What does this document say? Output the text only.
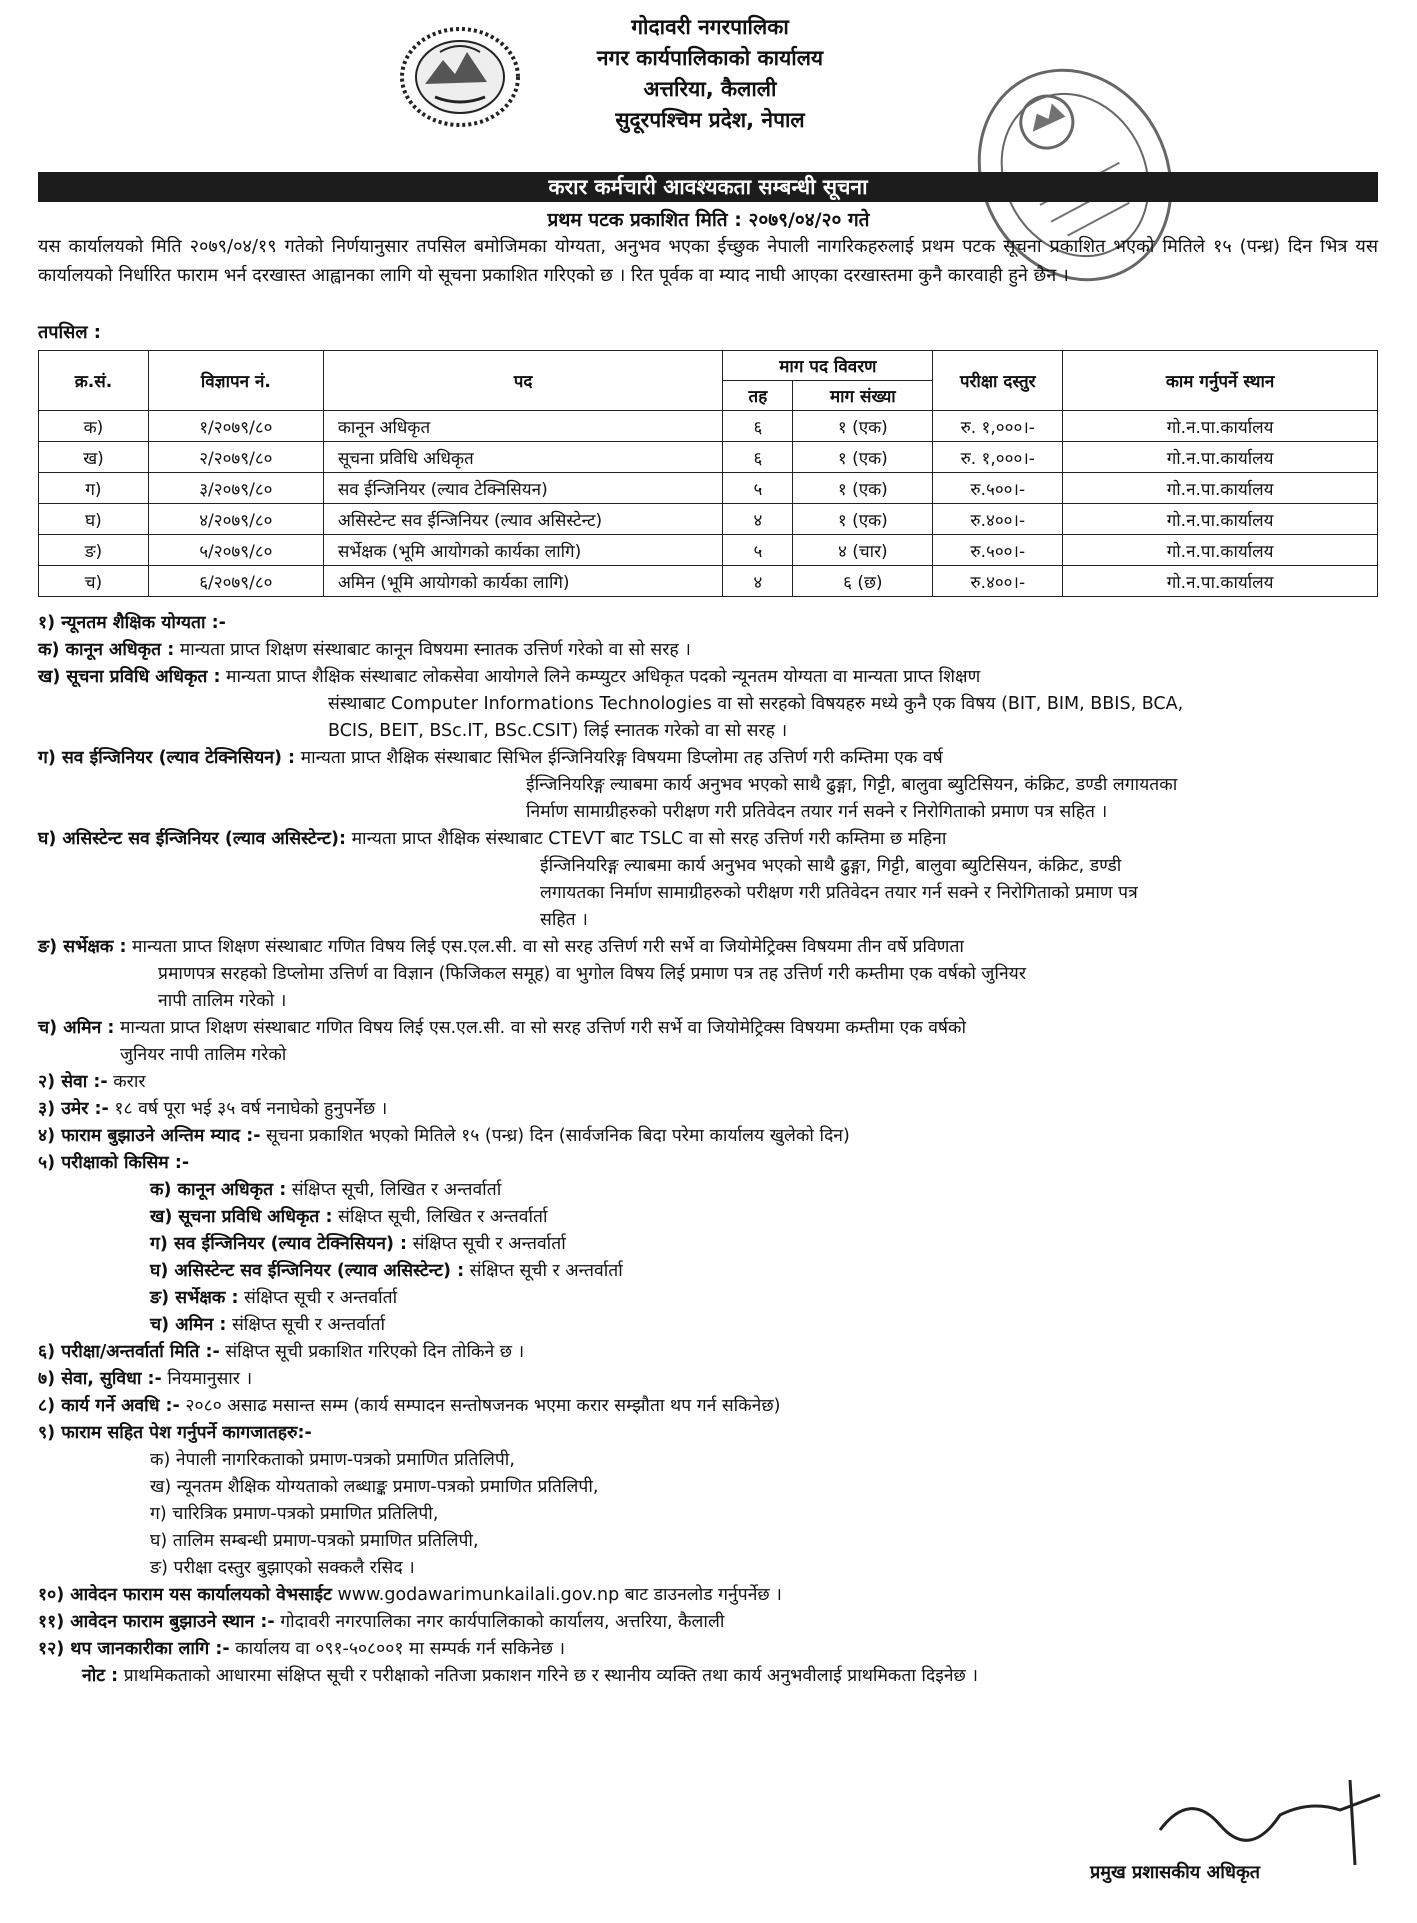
गोदावरी नगरपालिका
नगर कार्यपालिकाको कार्यालय
अत्तरिया, कैलाली
सुदूरपश्चिम प्रदेश, नेपाल
करार कर्मचारी आवश्यकता सम्बन्धी सूचना
प्रथम पटक प्रकाशित मिति : २०७९/०४/२० गते
यस कार्यालयको मिति २०७९/०४/१९ गतेको निर्णयानुसार तपसिल बमोजिमका योग्यता, अनुभव भएका ईच्छुक नेपाली नागरिकहरुलाई प्रथम पटक सूचना प्रकाशित भएको मितिले १५ (पन्ध्र) दिन भित्र यस कार्यालयको निर्धारित फाराम भर्न दरखास्त आह्वानका लागि यो सूचना प्रकाशित गरिएको छ । रित पूर्वक वा म्याद नाघी आएका दरखास्तमा कुनै कारवाही हुने छैन ।
तपसिल :
क्र.सं.	विज्ञापन नं.	पद	माग पद विवरण		परीक्षा दस्तुर	काम गर्नुपर्ने स्थान
			तह	माग संख्या		
क)	१/२०७९/८०	कानून अधिकृत	६	१ (एक)	रु. १,०००।-	गो.न.पा.कार्यालय
ख)	२/२०७९/८०	सूचना प्रविधि अधिकृत	६	१ (एक)	रु. १,०००।-	गो.न.पा.कार्यालय
ग)	३/२०७९/८०	सव ईन्जिनियर (ल्याव टेक्निसियन)	५	१ (एक)	रु.५००।-	गो.न.पा.कार्यालय
घ)	४/२०७९/८०	असिस्टेन्ट सव ईन्जिनियर (ल्याव असिस्टेन्ट)	४	१ (एक)	रु.४००।-	गो.न.पा.कार्यालय
ङ)	५/२०७९/८०	सर्भेक्षक (भूमि आयोगको कार्यका लागि)	५	४ (चार)	रु.५००।-	गो.न.पा.कार्यालय
च)	६/२०७९/८०	अमिन (भूमि आयोगको कार्यका लागि)	४	६ (छ)	रु.४००।-	गो.न.पा.कार्यालय

१) न्यूनतम शैक्षिक योग्यता :-

क) कानून अधिकृत : मान्यता प्राप्त शिक्षण संस्थाबाट कानून विषयमा स्नातक उत्तिर्ण गरेको वा सो सरह ।

ख) सूचना प्रविधि अधिकृत : मान्यता प्राप्त शैक्षिक संस्थाबाट लोकसेवा आयोगले लिने कम्प्युटर अधिकृत पदको न्यूनतम योग्यता वा मान्यता प्राप्त शिक्षण

संस्थाबाट Computer Informations Technologies वा सो सरहको विषयहरु मध्ये कुनै एक विषय (BIT, BIM, BBIS, BCA,

BCIS, BEIT, BSc.IT, BSc.CSIT) लिई स्नातक गरेको वा सो सरह ।

ग) सव ईन्जिनियर (ल्याव टेक्निसियन) : मान्यता प्राप्त शैक्षिक संस्थाबाट सिभिल ईन्जिनियरिङ्ग विषयमा डिप्लोमा तह उत्तिर्ण गरी कम्तिमा एक वर्ष

ईन्जिनियरिङ्ग ल्याबमा कार्य अनुभव भएको साथै ढुङ्गा, गिट्टी, बालुवा ब्युटिसियन, कंक्रिट, डण्डी लगायतका

निर्माण सामाग्रीहरुको परीक्षण गरी प्रतिवेदन तयार गर्न सक्ने र निरोगिताको प्रमाण पत्र सहित ।

घ) असिस्टेन्ट सव ईन्जिनियर (ल्याव असिस्टेन्ट): मान्यता प्राप्त शैक्षिक संस्थाबाट CTEVT बाट TSLC वा सो सरह उत्तिर्ण गरी कम्तिमा छ महिना

ईन्जिनियरिङ्ग ल्याबमा कार्य अनुभव भएको साथै ढुङ्गा, गिट्टी, बालुवा ब्युटिसियन, कंक्रिट, डण्डी

लगायतका निर्माण सामाग्रीहरुको परीक्षण गरी प्रतिवेदन तयार गर्न सक्ने र निरोगिताको प्रमाण पत्र

सहित ।

ङ) सर्भेक्षक : मान्यता प्राप्त शिक्षण संस्थाबाट गणित विषय लिई एस.एल.सी. वा सो सरह उत्तिर्ण गरी सर्भे वा जियोमेट्रिक्स विषयमा तीन वर्षे प्रविणता

प्रमाणपत्र सरहको डिप्लोमा उत्तिर्ण वा विज्ञान (फिजिकल समूह) वा भुगोल विषय लिई प्रमाण पत्र तह उत्तिर्ण गरी कम्तीमा एक वर्षको जुनियर

नापी तालिम गरेको ।

च) अमिन : मान्यता प्राप्त शिक्षण संस्थाबाट गणित विषय लिई एस.एल.सी. वा सो सरह उत्तिर्ण गरी सर्भे वा जियोमेट्रिक्स विषयमा कम्तीमा एक वर्षको

जुनियर नापी तालिम गरेको

२) सेवा :- करार

३) उमेर :- १८ वर्ष पूरा भई ३५ वर्ष ननाघेको हुनुपर्नेछ ।

४) फाराम बुझाउने अन्तिम म्याद :- सूचना प्रकाशित भएको मितिले १५ (पन्ध्र) दिन (सार्वजनिक बिदा परेमा कार्यालय खुलेको दिन)

५) परीक्षाको किसिम :-

क) कानून अधिकृत : संक्षिप्त सूची, लिखित र अन्तर्वार्ता

ख) सूचना प्रविधि अधिकृत : संक्षिप्त सूची, लिखित र अन्तर्वार्ता

ग) सव ईन्जिनियर (ल्याव टेक्निसियन) : संक्षिप्त सूची र अन्तर्वार्ता

घ) असिस्टेन्ट सव ईन्जिनियर (ल्याव असिस्टेन्ट) : संक्षिप्त सूची र अन्तर्वार्ता

ङ) सर्भेक्षक : संक्षिप्त सूची र अन्तर्वार्ता

च) अमिन : संक्षिप्त सूची र अन्तर्वार्ता

६) परीक्षा/अन्तर्वार्ता मिति :- संक्षिप्त सूची प्रकाशित गरिएको दिन तोकिने छ ।

७) सेवा, सुविधा :- नियमानुसार ।

८) कार्य गर्ने अवधि :- २०८० असाढ मसान्त सम्म (कार्य सम्पादन सन्तोषजनक भएमा करार सम्झौता थप गर्न सकिनेछ)

९) फाराम सहित पेश गर्नुपर्ने कागजातहरु:-

क) नेपाली नागरिकताको प्रमाण-पत्रको प्रमाणित प्रतिलिपी,

ख) न्यूनतम शैक्षिक योग्यताको लब्धाङ्क प्रमाण-पत्रको प्रमाणित प्रतिलिपी,

ग) चारित्रिक प्रमाण-पत्रको प्रमाणित प्रतिलिपी,

घ) तालिम सम्बन्धी प्रमाण-पत्रको प्रमाणित प्रतिलिपी,

ङ) परीक्षा दस्तुर बुझाएको सक्कलै रसिद ।

१०) आवेदन फाराम यस कार्यालयको वेभसाईट www.godawarimunkailali.gov.np बाट डाउनलोड गर्नुपर्नेछ ।

११) आवेदन फाराम बुझाउने स्थान :- गोदावरी नगरपालिका नगर कार्यपालिकाको कार्यालय, अत्तरिया, कैलाली

१२) थप जानकारीका लागि :- कार्यालय वा ०९१-५०८००१ मा सम्पर्क गर्न सकिनेछ ।

नोट : प्राथमिकताको आधारमा संक्षिप्त सूची र परीक्षाको नतिजा प्रकाशन गरिने छ र स्थानीय व्यक्ति तथा कार्य अनुभवीलाई प्राथमिकता दिइनेछ ।

प्रमुख प्रशासकीय अधिकृत
